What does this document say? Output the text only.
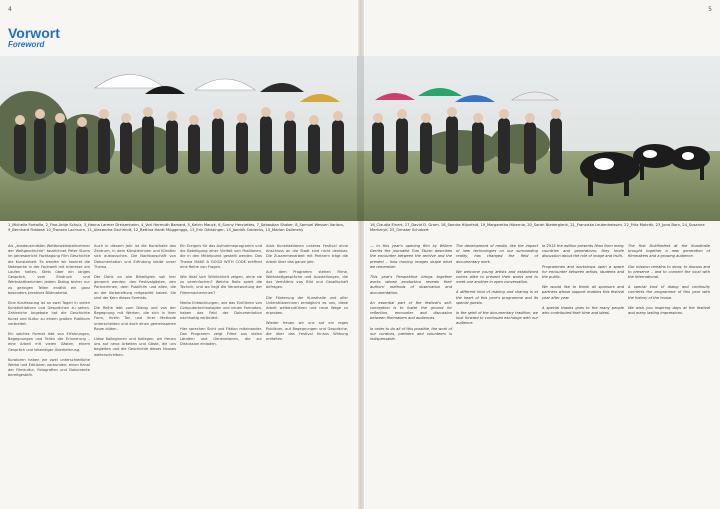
4	5
Vorwort
Foreword
1_Michelle Fortaillo, 2_Fine-Antje Schulz, 3_Hanna Larmer Dreisenheim, 4_Vorl Hermuth Bamard, 5_Katrin Mauck, 6_Sunny Henriettes, 7_Sebastian Shaker, 8_Samuel Wessen Variacs, 9_Bernhard Fiddwsk 10_Transen Lachsurn, 11_Alexandra Gschmidt, 12_Bettina Hardt Müggenggs, 13_Eric Görtzinger, 14_Jondrik Cobiecks, 15_Marion Dollmeny
16_Claudia Einert, 17_David D. Gram, 18_Sandra Hilpnfeld, 19_Margaretha Hibernia, 20_Sarah Niederglenk, 21_Franziska Leutenheissen, 22_Fritz Mohrdk, 23_Jona Barn, 24_Susanne Merkzcyk, 25_Gimster Schubert

Als „ausdauerndsten Wettbewerbsteilnehmer der Weltgeschichte“ bezeichnet Peter Sturm im Jahresbericht Fachtagung Film Geschichte die Kunstarbeit. Es werden wir konkret die Netzwerke in der Fachwelt mit Interesse am Laufen halten. Stets über ein langes Gespräch, vom Eindruck und Werkstattberichten jedem Dialog bisher nur zu geringen Teilen erzählt ein ganz besonders kreatives Bildmaterial.

Eine Kurzfassung ist an zwei Tagen in vielen Kunstinitiativen und Gesprächen zu sehen. Zahlreiche Angebote hat die Geschichte Kunst und Kultur zu einem großen Publikum verbreitet.

Ein solches Format lebt von Erfahrungen, Begegnungen und Teilen der Erinnerung – eine Arbeit mit vielen Gästen, einem Gespräch und lebendiger Überlieferung.

Kuratoren haben wir zwei unterschiedliche Werke und Editionen verbunden; einen Kanal der Filmkultur, Fotografien und Dokumente bereitgestellt.

Auch in diesem Jahr ist die Kunsthalle das Zentrum, in dem Künstlerinnen und Künstler sich austauschen. Die Nachbarschaft von Dokumentation und Erfindung bleibt unser Thema.

Der Dank an alle Beteiligten soll hier genannt werden: den Festivalgästen, den Partnerinnen, dem Publikum und allen, die an der Vorbereitung mitgewirkt haben. Sie sind der Kern dieses Formats.

Die Reihe lebt vom Dialog und von der Begegnung mit Werken, die sich in ihrer Form, ihrem Ton und ihrer Methode unterscheiden und doch einen gemeinsamen Raum bilden.

Liebe Kolleginnen und Kollegen, wir freuen uns auf neue Arbeiten und Gäste, die uns begleiten und die Geschichte dieses Hauses weiterschreiben.

Ein Ereignis für das Aufnahmeprogramm und die Beteiligung einer Vielfalt von Positionen, die in den Mittelpunkt gestellt werden. Das Thema MAKE A GOOD WITH CODE eröffnet eine Reihe von Fragen.

Wie lässt sich Wirklichkeit zeigen, ohne sie zu vereinfachen? Welche Rolle spielt die Technik, und wo liegt die Verantwortung der Filmemacherinnen?

Media Entwicklungen, wie das Einführen von Computertechnologien und neuen Formaten, haben das Feld der Dokumentation nachhaltig verändert.

Hier sprechen Sicht und Fiktion miteinander. Das Programm zeigt Filme aus vielen Ländern und Generationen, die zur Diskussion einladen.

Alais Kunststationen unseres Festival ohne Anschluss an die Stadt sind nicht denkbar. Die Zusammenarbeit mit Partnern trägt die Arbeit über das ganze Jahr.

Auf dem Programm stehen Filme, Werkstattgespräche und Ausstellungen, die das Verhältnis von Bild und Gesellschaft befragen.

Die Förderung der Kunsthalle und aller Unterstützerinnen ermöglicht es uns, diese Arbeit weiterzuführen und neue Wege zu erproben.

Wieder freuen wir uns auf ein reges Publikum, auf Begegnungen und Gespräche, die über das Festival hinaus Wirkung entfalten.

— In this year's opening film by Willem Gerrits the journalist Tom Sturm describes the encounter between the archive and the present – how moving images shape what we remember.

This year's Perspektive brings together works whose production reveals their authors' methods of observation and documentation.

An essential part of the festival's self-conception is to foster the ground for reflection, encounter and discussion between filmmakers and audiences.

In order to do all of this possible, the work of our curators, partners and volunteers is indispensable.

The development of media, like the impact of new technologies on our surrounding reality, has changed the field of documentary work.

We welcome young artists and established voices alike to present their works and to meet one another in open conversation.

A different kind of making and sharing is at the heart of this year's programme and its special guests.

In the spirit of the documentary tradition, we look forward to continued exchange with our audience.

In 2015 the edition presents films from many countries and generations; they invite discussion about the role of image and truth.

Programmes and workshops open a space for encounter between artists, students and the public.

We would like to thank all sponsors and partners whose support enables this festival year after year.

A special thanks goes to the many people who contributed their time and ideas.

The first Dokfilmfest at the Kunsthalle brought together a new generation of filmmakers and a growing audience.

Our mission remains to show, to discuss and to preserve – and to connect the local with the international.

A special kind of dialog and continuity connects the programme of this year with the history of the house.

We wish you inspiring days at the festival and many lasting impressions.
